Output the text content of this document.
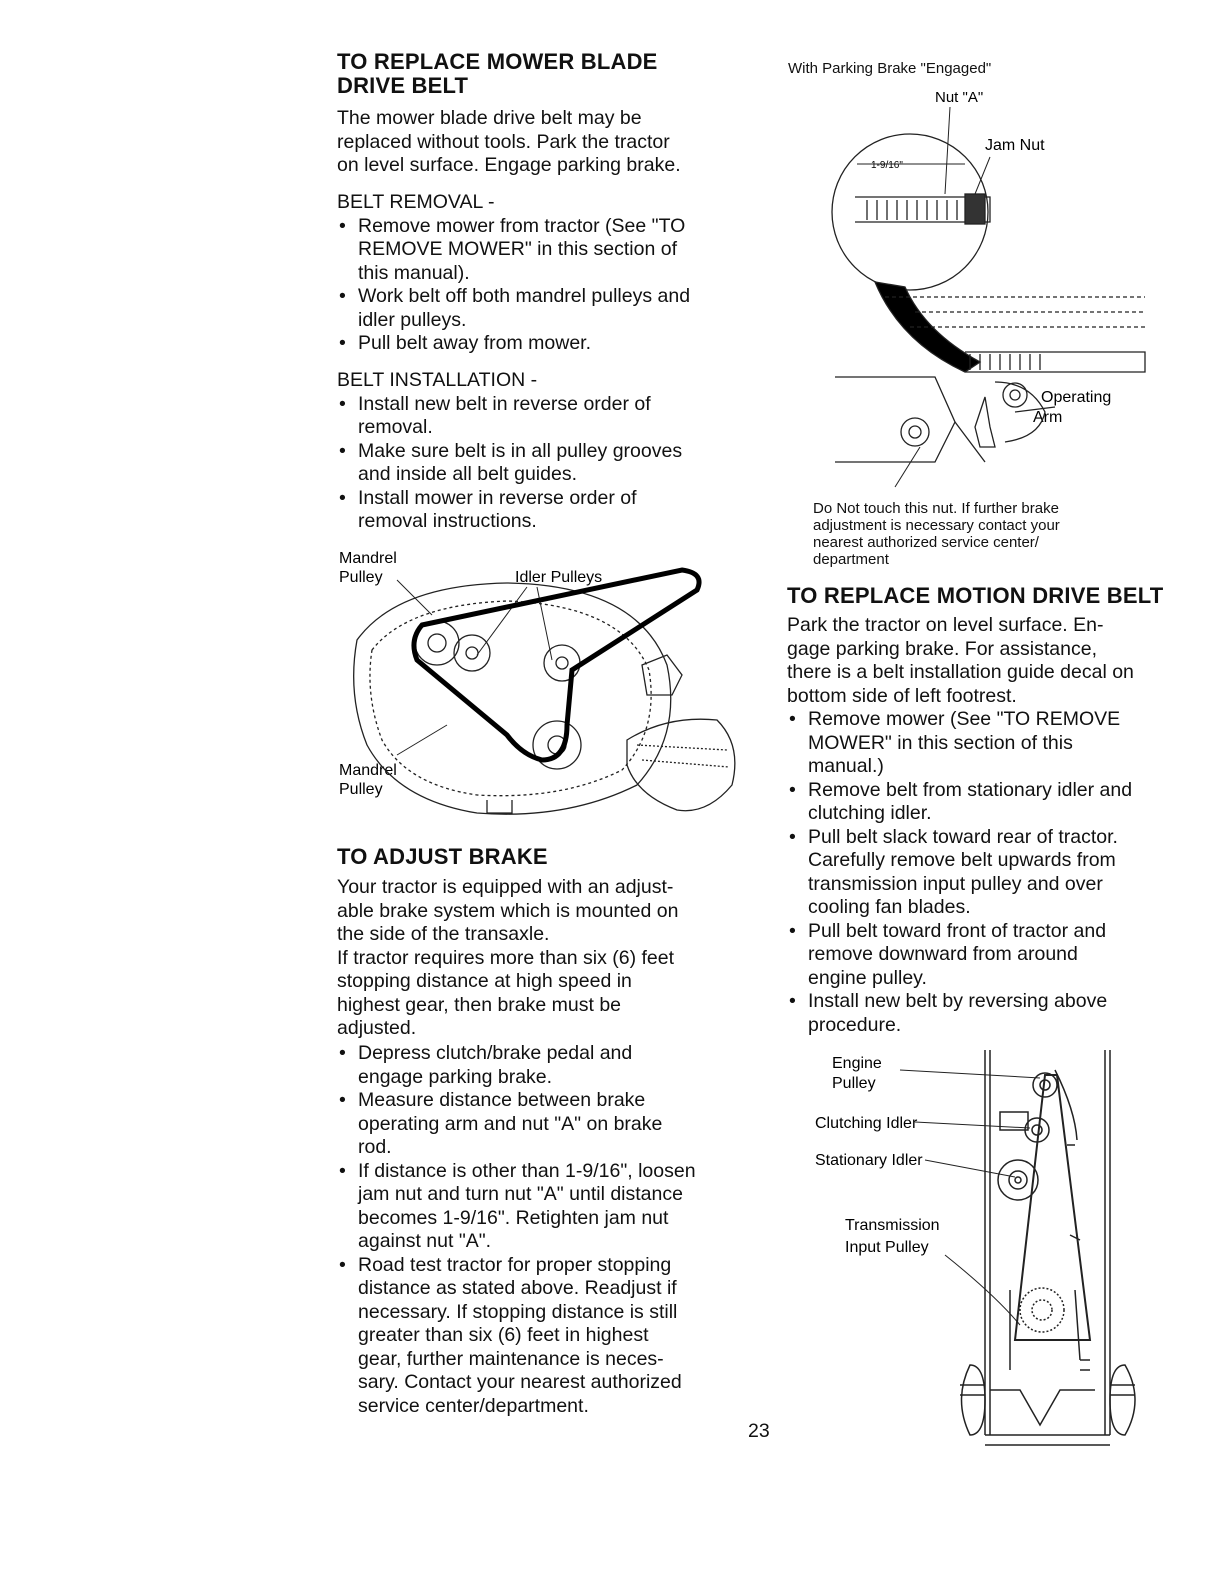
TO REPLACE MOWER BLADE
DRIVE BELT
The mower blade drive belt may be
replaced without tools. Park the tractor
on level surface. Engage parking brake.
BELT REMOVAL -
• Remove mower from tractor (See "TO
REMOVE MOWER" in this section of
this manual).
• Work belt off both mandrel pulleys and
idler pulleys.
• Pull belt away from mower.
BELT INSTALLATION -
• Install new belt in reverse order of
removal.
• Make sure belt is in all pulley grooves
and inside all belt guides.
• Install mower in reverse order of
removal instructions.
Mandrel
Pulley	Idler Pulleys
Mandrel
Pulley
TO ADJUST BRAKE
Your tractor is equipped with an adjust-
able brake system which is mounted on
the side of the transaxle.
If tractor requires more than six (6) feet
stopping distance at high speed in
highest gear, then brake must be
adjusted.
• Depress clutch/brake pedal and
engage parking brake.
• Measure distance between brake
operating arm and nut "A" on brake
rod.
• If distance is other than 1-9/16", loosen
jam nut and turn nut "A" until distance
becomes 1-9/16". Retighten jam nut
against nut "A".
• Road test tractor for proper stopping
distance as stated above. Readjust if
necessary. If stopping distance is still
greater than six (6) feet in highest
gear, further maintenance is neces-
sary. Contact your nearest authorized
service center/department.
23
With Parking Brake "Engaged"
Nut "A"
Jam Nut
1-9/16"
Operating
Arm
Do Not touch this nut. If further brake
adjustment is necessary contact your
nearest authorized service center/
department
TO REPLACE MOTION DRIVE BELT
Park the tractor on level surface. En-
gage parking brake. For assistance,
there is a belt installation guide decal on
bottom side of left footrest.
• Remove mower (See "TO REMOVE
MOWER" in this section of this
manual.)
• Remove belt from stationary idler and
clutching idler.
• Pull belt slack toward rear of tractor.
Carefully remove belt upwards from
transmission input pulley and over
cooling fan blades.
• Pull belt toward front of tractor and
remove downward from around
engine pulley.
• Install new belt by reversing above
procedure.
Engine
Pulley
Clutching Idler
Stationary Idler
Transmission
Input Pulley
